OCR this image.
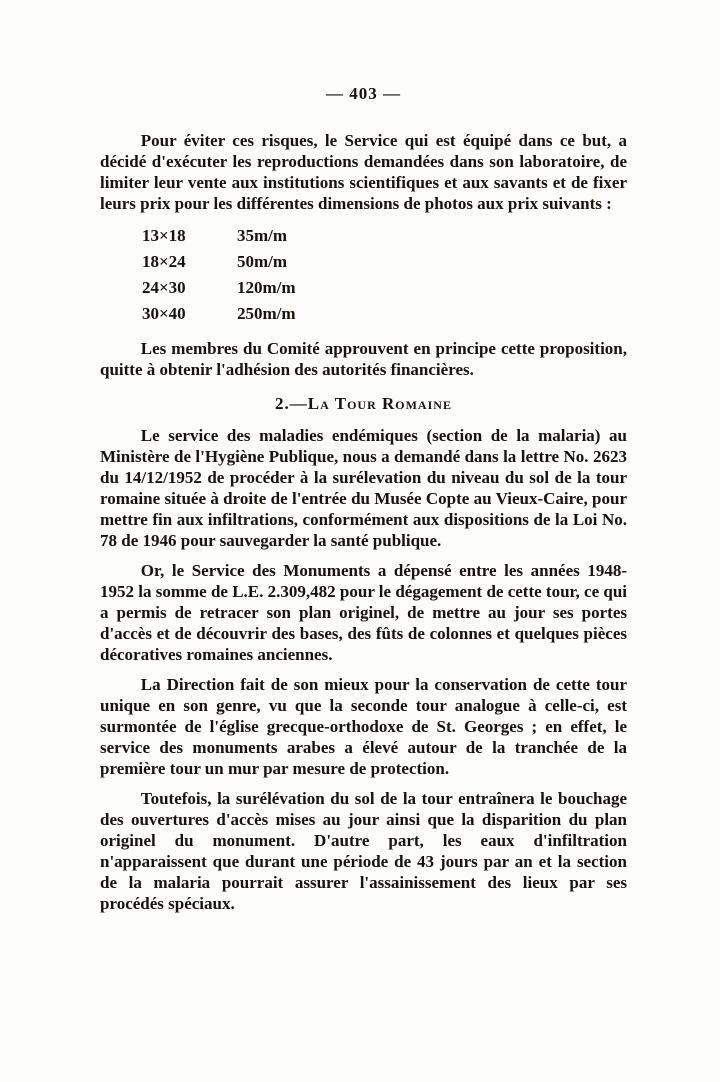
— 403 —

Pour éviter ces risques, le Service qui est équipé dans ce but, a décidé d'exécuter les reproductions demandées dans son laboratoire, de limiter leur vente aux institutions scientifiques et aux savants et de fixer leurs prix pour les différentes dimensions de photos aux prix suivants :

13×18	35m/m
18×24	50m/m
24×30	120m/m
30×40	250m/m

Les membres du Comité approuvent en principe cette proposition, quitte à obtenir l'adhésion des autorités financières.

2.—La Tour Romaine

Le service des maladies endémiques (section de la malaria) au Ministère de l'Hygiène Publique, nous a demandé dans la lettre No. 2623 du 14/12/1952 de procéder à la surélevation du niveau du sol de la tour romaine située à droite de l'entrée du Musée Copte au Vieux-Caire, pour mettre fin aux infiltrations, conformément aux dispositions de la Loi No. 78 de 1946 pour sauvegarder la santé publique.

Or, le Service des Monuments a dépensé entre les années 1948-1952 la somme de L.E. 2.309,482 pour le dégagement de cette tour, ce qui a permis de retracer son plan originel, de mettre au jour ses portes d'accès et de découvrir des bases, des fûts de colonnes et quelques pièces décoratives romaines anciennes.

La Direction fait de son mieux pour la conservation de cette tour unique en son genre, vu que la seconde tour analogue à celle-ci, est surmontée de l'église grecque-orthodoxe de St. Georges ; en effet, le service des monuments arabes a élevé autour de la tranchée de la première tour un mur par mesure de protection.

Toutefois, la surélévation du sol de la tour entraînera le bouchage des ouvertures d'accès mises au jour ainsi que la disparition du plan originel du monument. D'autre part, les eaux d'infiltration n'apparaissent que durant une période de 43 jours par an et la section de la malaria pourrait assurer l'assainissement des lieux par ses procédés spéciaux.
